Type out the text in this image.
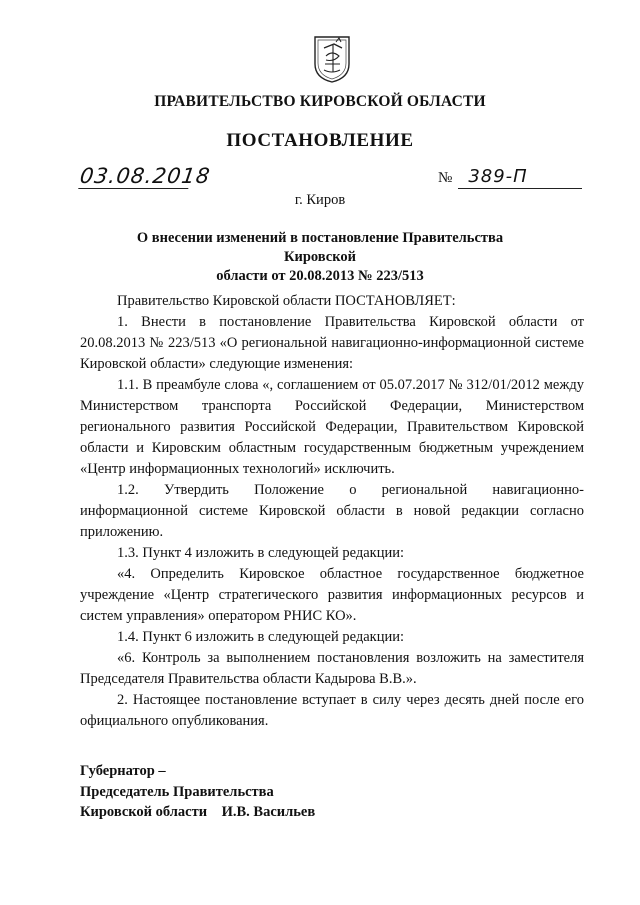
ПРАВИТЕЛЬСТВО КИРОВСКОЙ ОБЛАСТИ
ПОСТАНОВЛЕНИЕ
03.08.2018	№ 389-П
г. Киров
О внесении изменений в постановление Правительства Кировской
области от 20.08.2013 № 223/513

Правительство Кировской области ПОСТАНОВЛЯЕТ:

1. Внести в постановление Правительства Кировской области от 20.08.2013 № 223/513 «О региональной навигационно-информационной системе Кировской области» следующие изменения:

1.1. В преамбуле слова «, соглашением от 05.07.2017 № 312/01/2012 между Министерством транспорта Российской Федерации, Министерством регионального развития Российской Федерации, Правительством Кировской области и Кировским областным государственным бюджетным учреждением «Центр информационных технологий» исключить.

1.2. Утвердить Положение о региональной навигационно-информационной системе Кировской области в новой редакции согласно приложению.

1.3. Пункт 4 изложить в следующей редакции:

«4. Определить Кировское областное государственное бюджетное учреждение «Центр стратегического развития информационных ресурсов и систем управления» оператором РНИС КО».

1.4. Пункт 6 изложить в следующей редакции:

«6. Контроль за выполнением постановления возложить на заместителя Председателя Правительства области Кадырова В.В.».

2. Настоящее постановление вступает в силу через десять дней после его официального опубликования.

Губернатор –
Председатель Правительства
Кировской области    И.В. Васильев
